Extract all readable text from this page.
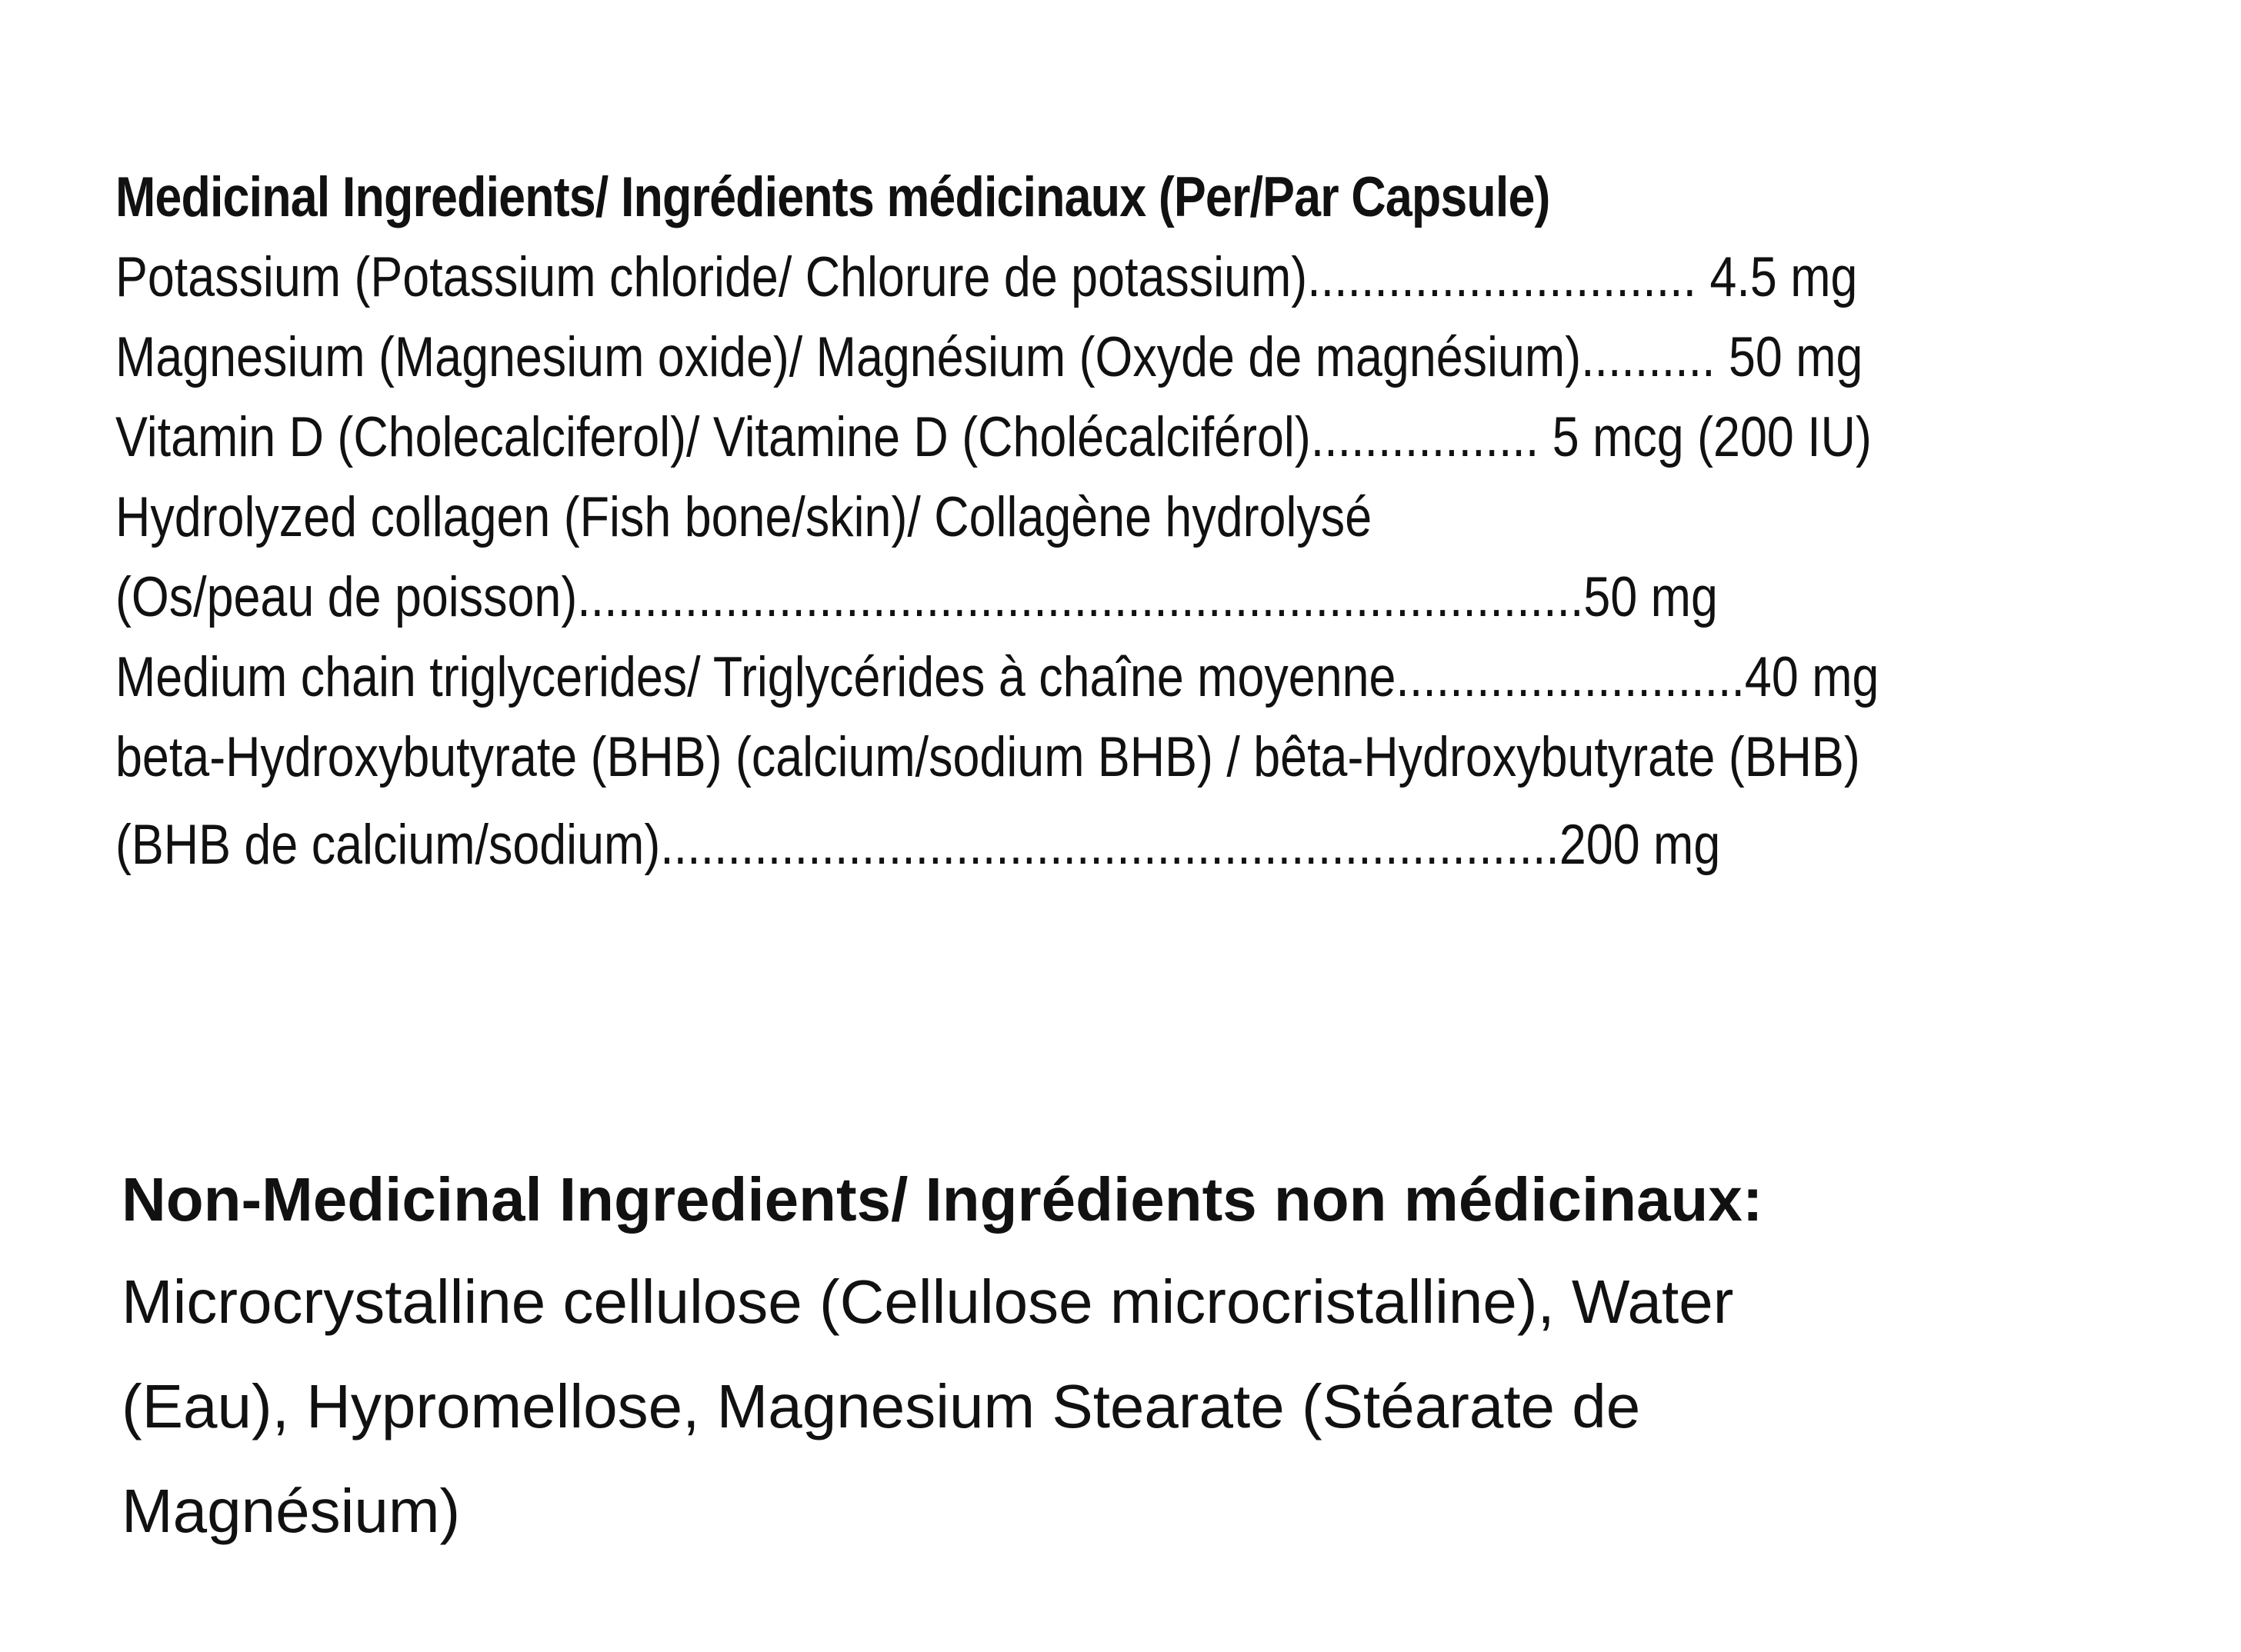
Medicinal Ingredients/ Ingrédients médicinaux (Per/Par Capsule)
Potassium (Potassium chloride/ Chlorure de potassium)............................. 4.5 mg
Magnesium (Magnesium oxide)/ Magnésium (Oxyde de magnésium).......... 50 mg
Vitamin D (Cholecalciferol)/ Vitamine D (Cholécalciférol)................. 5 mcg (200 IU)
Hydrolyzed collagen (Fish bone/skin)/ Collagène hydrolysé
(Os/peau de poisson)...........................................................................50 mg
Medium chain triglycerides/ Triglycérides à chaîne moyenne..........................40 mg
beta-Hydroxybutyrate (BHB) (calcium/sodium BHB) / bêta-Hydroxybutyrate (BHB)
(BHB de calcium/sodium)...................................................................200 mg
Non-Medicinal Ingredients/ Ingrédients non médicinaux:
Microcrystalline cellulose (Cellulose microcristalline), Water
(Eau), Hypromellose, Magnesium Stearate (Stéarate de
Magnésium)
